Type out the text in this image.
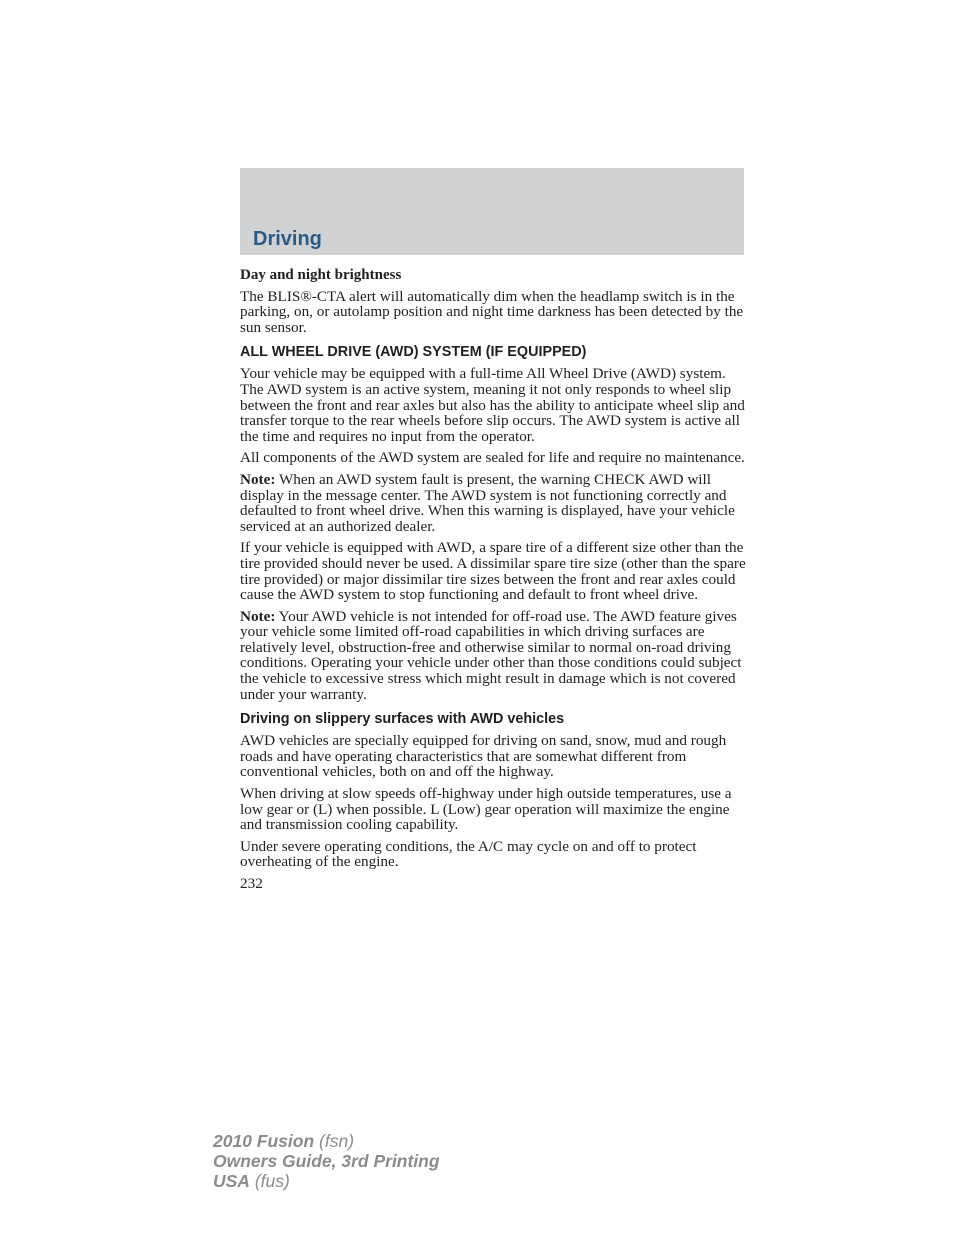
Driving
Day and night brightness

The BLIS®-CTA alert will automatically dim when the headlamp switch is in the parking, on, or autolamp position and night time darkness has been detected by the sun sensor.

ALL WHEEL DRIVE (AWD) SYSTEM (IF EQUIPPED)

Your vehicle may be equipped with a full-time All Wheel Drive (AWD) system. The AWD system is an active system, meaning it not only responds to wheel slip between the front and rear axles but also has the ability to anticipate wheel slip and transfer torque to the rear wheels before slip occurs. The AWD system is active all the time and requires no input from the operator.

All components of the AWD system are sealed for life and require no maintenance.

Note: When an AWD system fault is present, the warning CHECK AWD will display in the message center. The AWD system is not functioning correctly and defaulted to front wheel drive. When this warning is displayed, have your vehicle serviced at an authorized dealer.

If your vehicle is equipped with AWD, a spare tire of a different size other than the tire provided should never be used. A dissimilar spare tire size (other than the spare tire provided) or major dissimilar tire sizes between the front and rear axles could cause the AWD system to stop functioning and default to front wheel drive.

Note: Your AWD vehicle is not intended for off-road use. The AWD feature gives your vehicle some limited off-road capabilities in which driving surfaces are relatively level, obstruction-free and otherwise similar to normal on-road driving conditions. Operating your vehicle under other than those conditions could subject the vehicle to excessive stress which might result in damage which is not covered under your warranty.

Driving on slippery surfaces with AWD vehicles

AWD vehicles are specially equipped for driving on sand, snow, mud and rough roads and have operating characteristics that are somewhat different from conventional vehicles, both on and off the highway.

When driving at slow speeds off-highway under high outside temperatures, use a low gear or (L) when possible. L (Low) gear operation will maximize the engine and transmission cooling capability.

Under severe operating conditions, the A/C may cycle on and off to protect overheating of the engine.

232
2010 Fusion (fsn)
Owners Guide, 3rd Printing
USA (fus)
